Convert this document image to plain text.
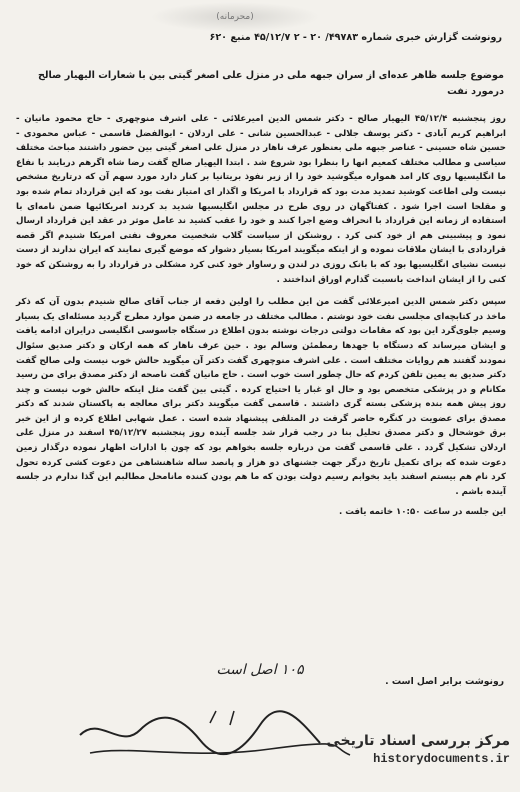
(محرمانه)
رونوشت گزارش خبری شماره ۴۹۷۸۳/ ۲۰ - ۲ ۴۵/۱۲/۷ منبع ۶۲۰
موضوع جلسه ظاهر عده‌ای از سران جبهه ملی در منزل علی اصغر گیتی بین با شعارات الیهیار صالح درمورد نفت

روز پنجشنبه ۴۵/۱۲/۴ الیهیار صالح - دکتر شمس الدین امیرعلائی - علی اشرف منوچهری - حاج محمود مانیان - ابراهیم کریم آبادی - دکتر یوسف جلالی - عبدالحسین شانی - علی اردلان - ابوالفضل قاسمی - عباس محمودی - حسین شاه حسینی - عناصر جبهه ملی بعنظور عرف ناهار در منزل علی اصغر گیتی بین حضور داشتند مباحث مختلف سیاسی و مطالب مختلف کمعیم انها را بنظرا بود شروع شد . ابتدا الیهیار صالح گفت رضا شاه اگرهم دربایند با نفاع ما انگلیسیها روی کار امد همواره میگوشید خود را از زیر نفوذ بریتانیا بر کنار دارد مورد سهم آن که درتاریخ مشخص نیست ولی اطاعت کوشید تمدید مدت بود که قرارداد با امریکا و اگذار ای امتیاز نفت بود که این قرارداد تمام شده بود و مقلحا است اجرا شود . کفتاگهان در روی طرح در مجلس انگلیسیها شدید بد کردند امریکائیها ضمن نامه‌ای با استفاده از زمانه این قرارداد با انحراف وضع اجرا کنند و خود را عقب کشید ند عامل موثر در عقد این قرارداد ارسال نمود و پیشبینی هم از خود کنی کرد . روشنکن از سیاست گلاب شخصیت معروف نفتی امریکا شنیدم اگر قصه قراردادی با ایشان ملاقات نموده و از اینکه میگویند امریکا بسیار دشوار که موضع گیری نمایند که ایران ندارند از دست نیست نشیای انگلیسیها بود که با بانک روزی در لندن و رساوار خود کنی کرد مشکلی در قرارداد را به روشنکن که خود کنی را از ایشان انداخت بانسبت گذارم اوراق انداختند .

سپس دکتر شمس الدین امیرعلائی گفت من این مطلب را اولین دفعه از جناب آقای صالح شنیدم بدون آن که ذکر ماخذ در کتابچه‌ای مجلسی نفت خود نوشتم . مطالب مختلف در جامعه در ضمن موارد مطرح گردید مسئله‌ای یک بسیار وسیم جلوی‌گرد این بود که مقامات دولتی درجات نوشته بدون اطلاع در ستگاه جاسوسی انگلیسی درایران ادامه یافت و ایشان میرساند که دستگاه با جهدها رمطمئن وسالم بود . حین عرف ناهار که همه ارکان و دکتر صدیق سئوال نمودند گفتند هم روایات مختلف است . علی اشرف منوچهری گفت دکتر آن میگوید حالش خوب نیست ولی صالح گفت دکتر صدیق به یمین تلفن کردم که حال چطور است خوب است . حاج مانیان گفت ناصحه از دکتر مصدق برای من رسید مکانام و در پزشکی متخصص بود و حال او غبار یا احتیاج کرده . گیتی بین گفت مثل اینکه حالش خوب نیست و چند روز پیش همه بنده پزشکی بسته گری داشتند . قاسمی گفت میگویند دکتر برای معالجه به پاکستان شدند که دکتر مصدق برای عضویت در کنگره حاضر گرفت در المتلفی پیشنهاد شده است . عمل شهابی اطلاع کرده و از این خبر برق خوشحال و دکتر مصدق تحلیل بنا در رجب قرار شد جلسه آینده روز پنجشنبه ۴۵/۱۲/۲۷ اسفند در منزل علی اردلان تشکیل گردد . علی قاسمی گفت من درباره جلسه بخواهم بود که چون با ادارات اظهار نموده درگذار زمین دعوت شده که برای تکمیل تاریخ درگر جهت جشنهای دو هزار و پانصد ساله شاهنشاهی من دعوت کشی کرده تحول کرد نام هم بیستم اسفند باید بخوابم رسیم دولت بودن که ما هم بودن کننده مانامحل مطالبم این گذا ندارم در جلسه آینده باشم .

این جلسه در ساعت ۱۰:۵۰ خاتمه یافت .

۱۰۵ اصل است
رونوشت برابر اصل است .
مرکز بررسی اسناد تاریخی
historydocuments.ir
